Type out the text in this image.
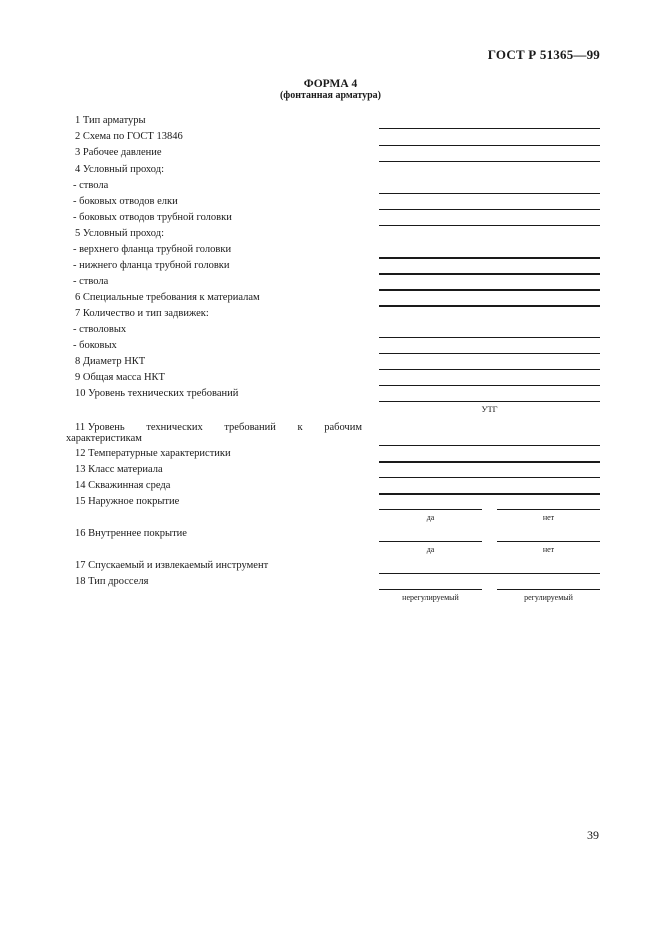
ГОСТ Р 51365—99
ФОРМА 4
(фонтанная арматура)
1 Тип арматуры
2 Схема по ГОСТ 13846
3 Рабочее давление
4 Условный проход:
- ствола
- боковых отводов елки
- боковых отводов трубной головки
5 Условный проход:
- верхнего фланца трубной головки
- нижнего фланца трубной головки
- ствола
6 Специальные требования к материалам
7 Количество и тип задвижек:
- стволовых
- боковых
8 Диаметр НКТ
9 Общая масса НКТ
10 Уровень технических требований
УТГ
11 Уровень технических требований к рабочим
характеристикам
12 Температурные характеристики
13 Класс материала
14 Скважинная среда
15 Наружное покрытие
да	нет
16 Внутреннее покрытие
да	нет
17 Спускаемый и извлекаемый инструмент
18 Тип дросселя
нерегулируемый	регулируемый
39
